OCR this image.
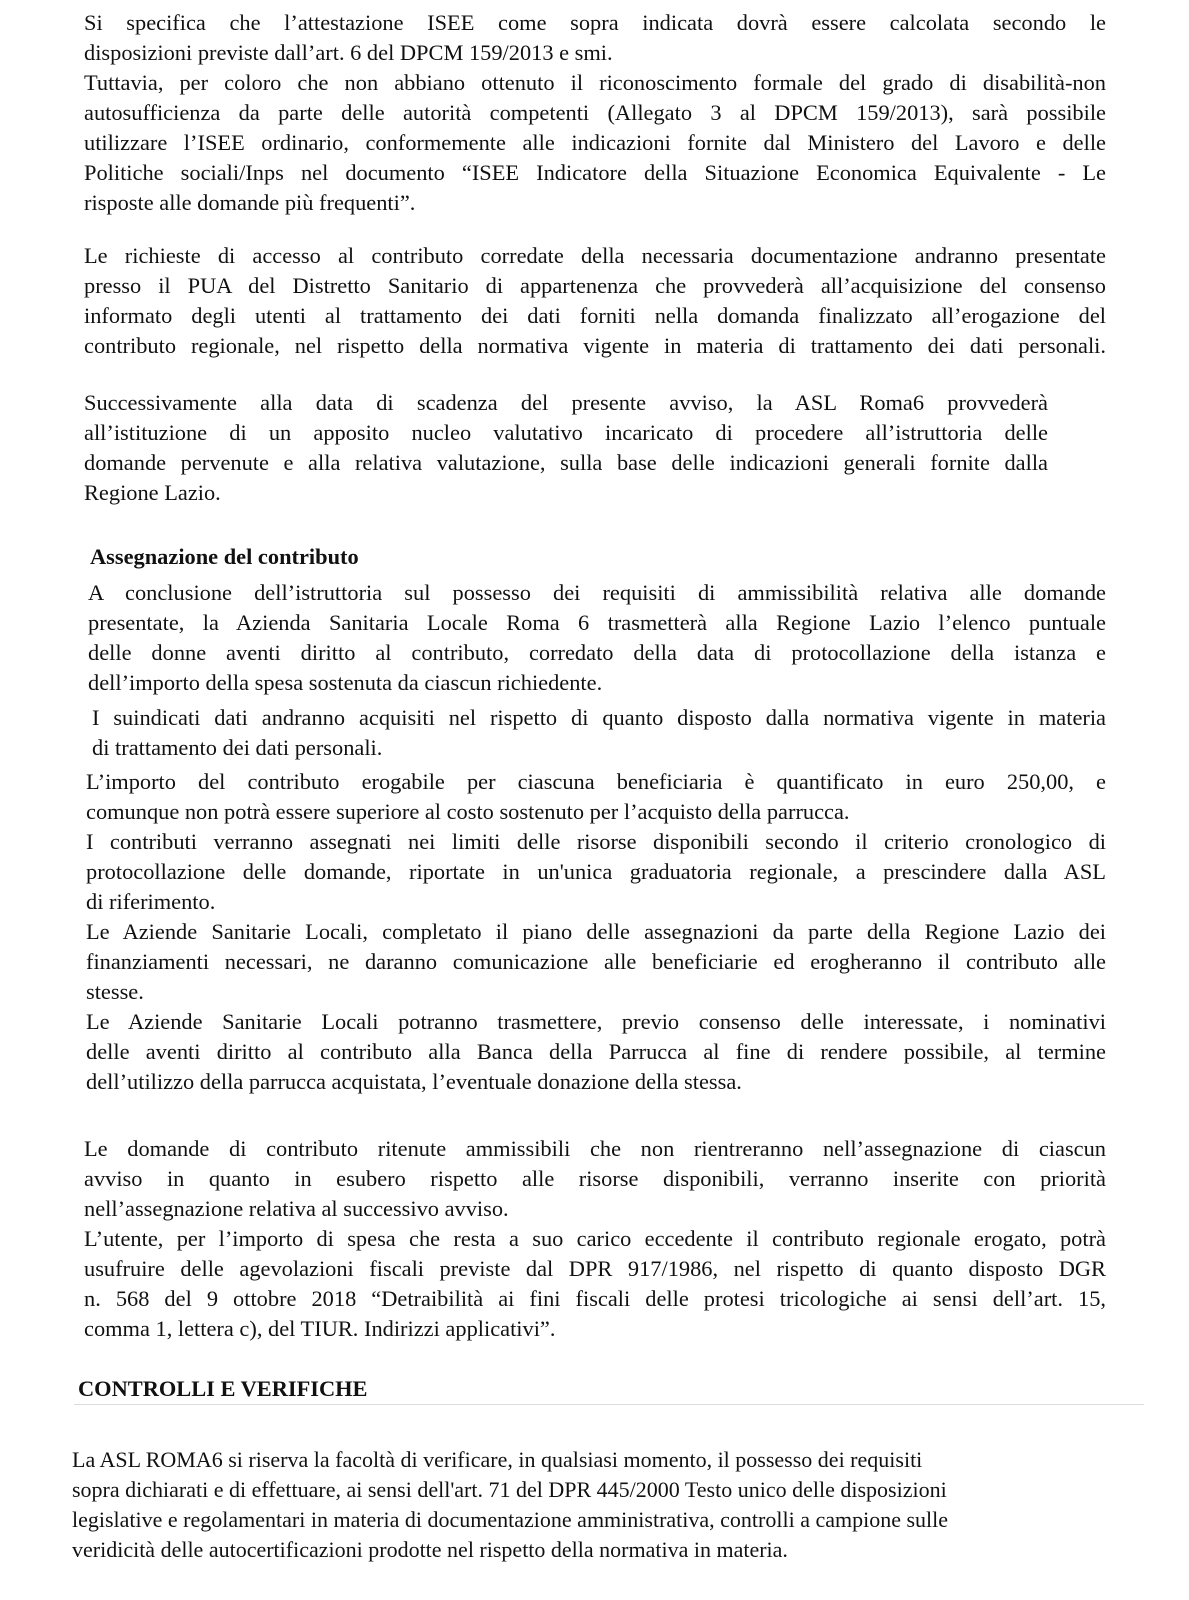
Si specifica che l’attestazione ISEE come sopra indicata dovrà essere calcolata secondo le
disposizioni previste dall’art. 6 del DPCM 159/2013 e smi.
Tuttavia, per coloro che non abbiano ottenuto il riconoscimento formale del grado di disabilità-non
autosufficienza da parte delle autorità competenti (Allegato 3 al DPCM 159/2013), sarà possibile
utilizzare l’ISEE ordinario, conformemente alle indicazioni fornite dal Ministero del Lavoro e delle
Politiche sociali/Inps nel documento “ISEE Indicatore della Situazione Economica Equivalente - Le
risposte alle domande più frequenti”.
Le richieste di accesso al contributo corredate della necessaria documentazione andranno presentate
presso il PUA del Distretto Sanitario di appartenenza che provvederà all’acquisizione del consenso
informato degli utenti al trattamento dei dati forniti nella domanda finalizzato all’erogazione del
contributo regionale, nel rispetto della normativa vigente in materia di trattamento dei dati personali.
Successivamente alla data di scadenza del presente avviso, la ASL Roma6 provvederà
all’istituzione di un apposito nucleo valutativo incaricato di procedere all’istruttoria delle
domande pervenute e alla relativa valutazione, sulla base delle indicazioni generali fornite dalla
Regione Lazio.
Assegnazione del contributo
A conclusione dell’istruttoria sul possesso dei requisiti di ammissibilità relativa alle domande
presentate, la Azienda Sanitaria Locale Roma 6 trasmetterà alla Regione Lazio l’elenco puntuale
delle donne aventi diritto al contributo, corredato della data di protocollazione della istanza e
dell’importo della spesa sostenuta da ciascun richiedente.
I suindicati dati andranno acquisiti nel rispetto di quanto disposto dalla normativa vigente in materia
di trattamento dei dati personali.
L’importo del contributo erogabile per ciascuna beneficiaria è quantificato in euro 250,00, e
comunque non potrà essere superiore al costo sostenuto per l’acquisto della parrucca.
I contributi verranno assegnati nei limiti delle risorse disponibili secondo il criterio cronologico di
protocollazione delle domande, riportate in un'unica graduatoria regionale, a prescindere dalla ASL
di riferimento.
Le Aziende Sanitarie Locali, completato il piano delle assegnazioni da parte della Regione Lazio dei
finanziamenti necessari, ne daranno comunicazione alle beneficiarie ed erogheranno il contributo alle
stesse.
Le Aziende Sanitarie Locali potranno trasmettere, previo consenso delle interessate, i nominativi
delle aventi diritto al contributo alla Banca della Parrucca al fine di rendere possibile, al termine
dell’utilizzo della parrucca acquistata, l’eventuale donazione della stessa.
Le domande di contributo ritenute ammissibili che non rientreranno nell’assegnazione di ciascun
avviso in quanto in esubero rispetto alle risorse disponibili, verranno inserite con priorità
nell’assegnazione relativa al successivo avviso.
L’utente, per l’importo di spesa che resta a suo carico eccedente il contributo regionale erogato, potrà
usufruire delle agevolazioni fiscali previste dal DPR 917/1986, nel rispetto di quanto disposto DGR
n. 568 del 9 ottobre 2018 “Detraibilità ai fini fiscali delle protesi tricologiche ai sensi dell’art. 15,
comma 1, lettera c), del TIUR. Indirizzi applicativi”.
CONTROLLI E VERIFICHE
La ASL ROMA6 si riserva la facoltà di verificare, in qualsiasi momento, il possesso dei requisiti
sopra dichiarati e di effettuare, ai sensi dell'art. 71 del DPR 445/2000 Testo unico delle disposizioni
legislative e regolamentari in materia di documentazione amministrativa, controlli a campione sulle
veridicità delle autocertificazioni prodotte nel rispetto della normativa in materia.
